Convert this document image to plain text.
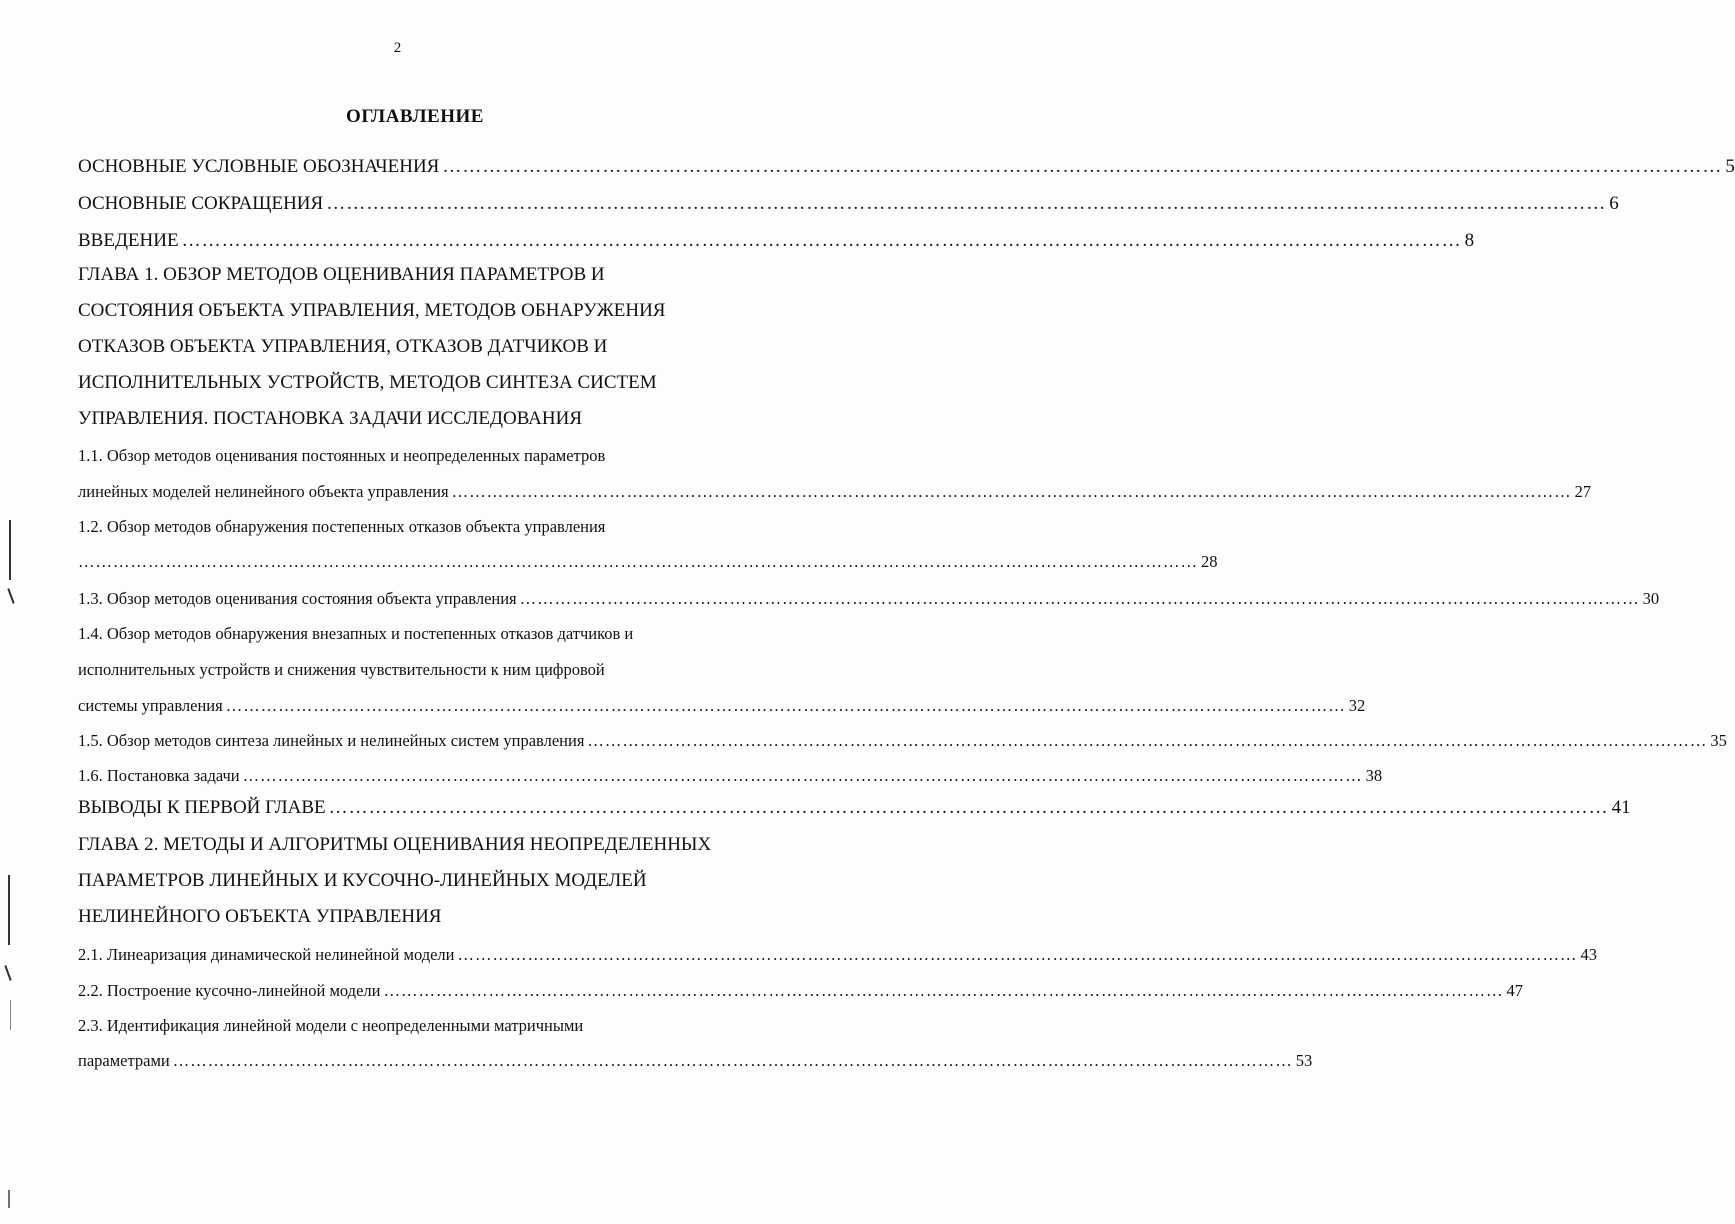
2
ОГЛАВЛЕНИЕ
ОСНОВНЫЕ УСЛОВНЫЕ ОБОЗНАЧЕНИЯ ………………………………………………………………………………………………………………………………………………………………………… 5
ОСНОВНЫЕ СОКРАЩЕНИЯ ………………………………………………………………………………………………………………………………………………………………………… 6
ВВЕДЕНИЕ ………………………………………………………………………………………………………………………………………………………………………… 8
ГЛАВА 1. ОБЗОР МЕТОДОВ ОЦЕНИВАНИЯ ПАРАМЕТРОВ И
СОСТОЯНИЯ ОБЪЕКТА УПРАВЛЕНИЯ, МЕТОДОВ ОБНАРУЖЕНИЯ
ОТКАЗОВ ОБЪЕКТА УПРАВЛЕНИЯ, ОТКАЗОВ ДАТЧИКОВ И
ИСПОЛНИТЕЛЬНЫХ УСТРОЙСТВ, МЕТОДОВ СИНТЕЗА СИСТЕМ
УПРАВЛЕНИЯ. ПОСТАНОВКА ЗАДАЧИ ИССЛЕДОВАНИЯ
1.1. Обзор методов оценивания постоянных и неопределенных параметров
линейных моделей нелинейного объекта управления ………………………………………………………………………………………………………………………………………………………………………… 27
1.2. Обзор методов обнаружения постепенных отказов объекта управления
………………………………………………………………………………………………………………………………………………………………………… 28
1.3. Обзор методов оценивания состояния объекта управления ………………………………………………………………………………………………………………………………………………………………………… 30
1.4. Обзор методов обнаружения внезапных и постепенных отказов датчиков и
исполнительных устройств и снижения чувствительности к ним цифровой
системы управления ………………………………………………………………………………………………………………………………………………………………………… 32
1.5. Обзор методов синтеза линейных и нелинейных систем управления ………………………………………………………………………………………………………………………………………………………………………… 35
1.6. Постановка задачи ………………………………………………………………………………………………………………………………………………………………………… 38
ВЫВОДЫ К ПЕРВОЙ ГЛАВЕ ………………………………………………………………………………………………………………………………………………………………………… 41
ГЛАВА 2. МЕТОДЫ И АЛГОРИТМЫ ОЦЕНИВАНИЯ НЕОПРЕДЕЛЕННЫХ
ПАРАМЕТРОВ ЛИНЕЙНЫХ И КУСОЧНО-ЛИНЕЙНЫХ МОДЕЛЕЙ
НЕЛИНЕЙНОГО ОБЪЕКТА УПРАВЛЕНИЯ
2.1. Линеаризация динамической нелинейной модели ………………………………………………………………………………………………………………………………………………………………………… 43
2.2. Построение кусочно-линейной модели ………………………………………………………………………………………………………………………………………………………………………… 47
2.3. Идентификация линейной модели с неопределенными матричными
параметрами ………………………………………………………………………………………………………………………………………………………………………… 53
